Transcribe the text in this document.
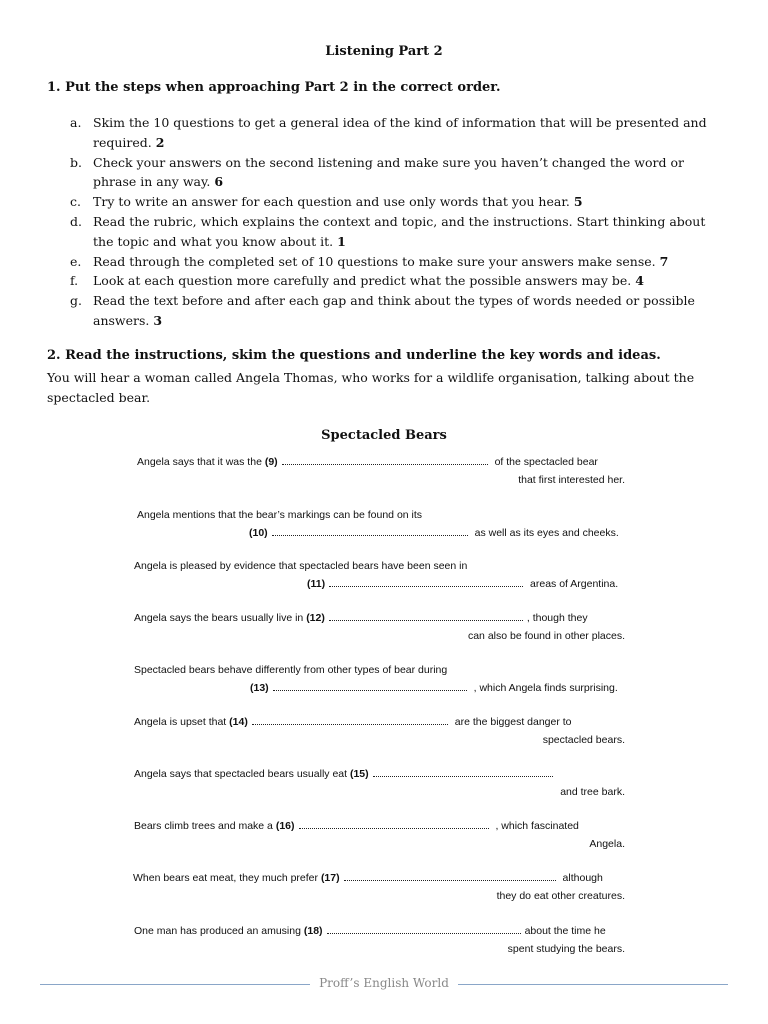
Listening Part 2
1. Put the steps when approaching Part 2 in the correct order.
a. Skim the 10 questions to get a general idea of the kind of information that will be presented and required. 2
b. Check your answers on the second listening and make sure you haven’t changed the word or phrase in any way. 6
c. Try to write an answer for each question and use only words that you hear. 5
d. Read the rubric, which explains the context and topic, and the instructions. Start thinking about the topic and what you know about it. 1
e. Read through the completed set of 10 questions to make sure your answers make sense. 7
f. Look at each question more carefully and predict what the possible answers may be. 4
g. Read the text before and after each gap and think about the types of words needed or possible answers. 3
2. Read the instructions, skim the questions and underline the key words and ideas.
You will hear a woman called Angela Thomas, who works for a wildlife organisation, talking about the spectacled bear.
Spectacled Bears
Angela says that it was the (9)	of the spectacled bear
that first interested her.
Angela mentions that the bear’s markings can be found on its
(10)	as well as its eyes and cheeks.
Angela is pleased by evidence that spectacled bears have been seen in
(11)	areas of Argentina.
Angela says the bears usually live in (12)	, though they
can also be found in other places.
Spectacled bears behave differently from other types of bear during
(13)	, which Angela finds surprising.
Angela is upset that (14)	are the biggest danger to
spectacled bears.
Angela says that spectacled bears usually eat (15)
and tree bark.
Bears climb trees and make a (16)	, which fascinated
Angela.
When bears eat meat, they much prefer (17)	although
they do eat other creatures.
One man has produced an amusing (18)	about the time he
spent studying the bears.
Proff’s English World
